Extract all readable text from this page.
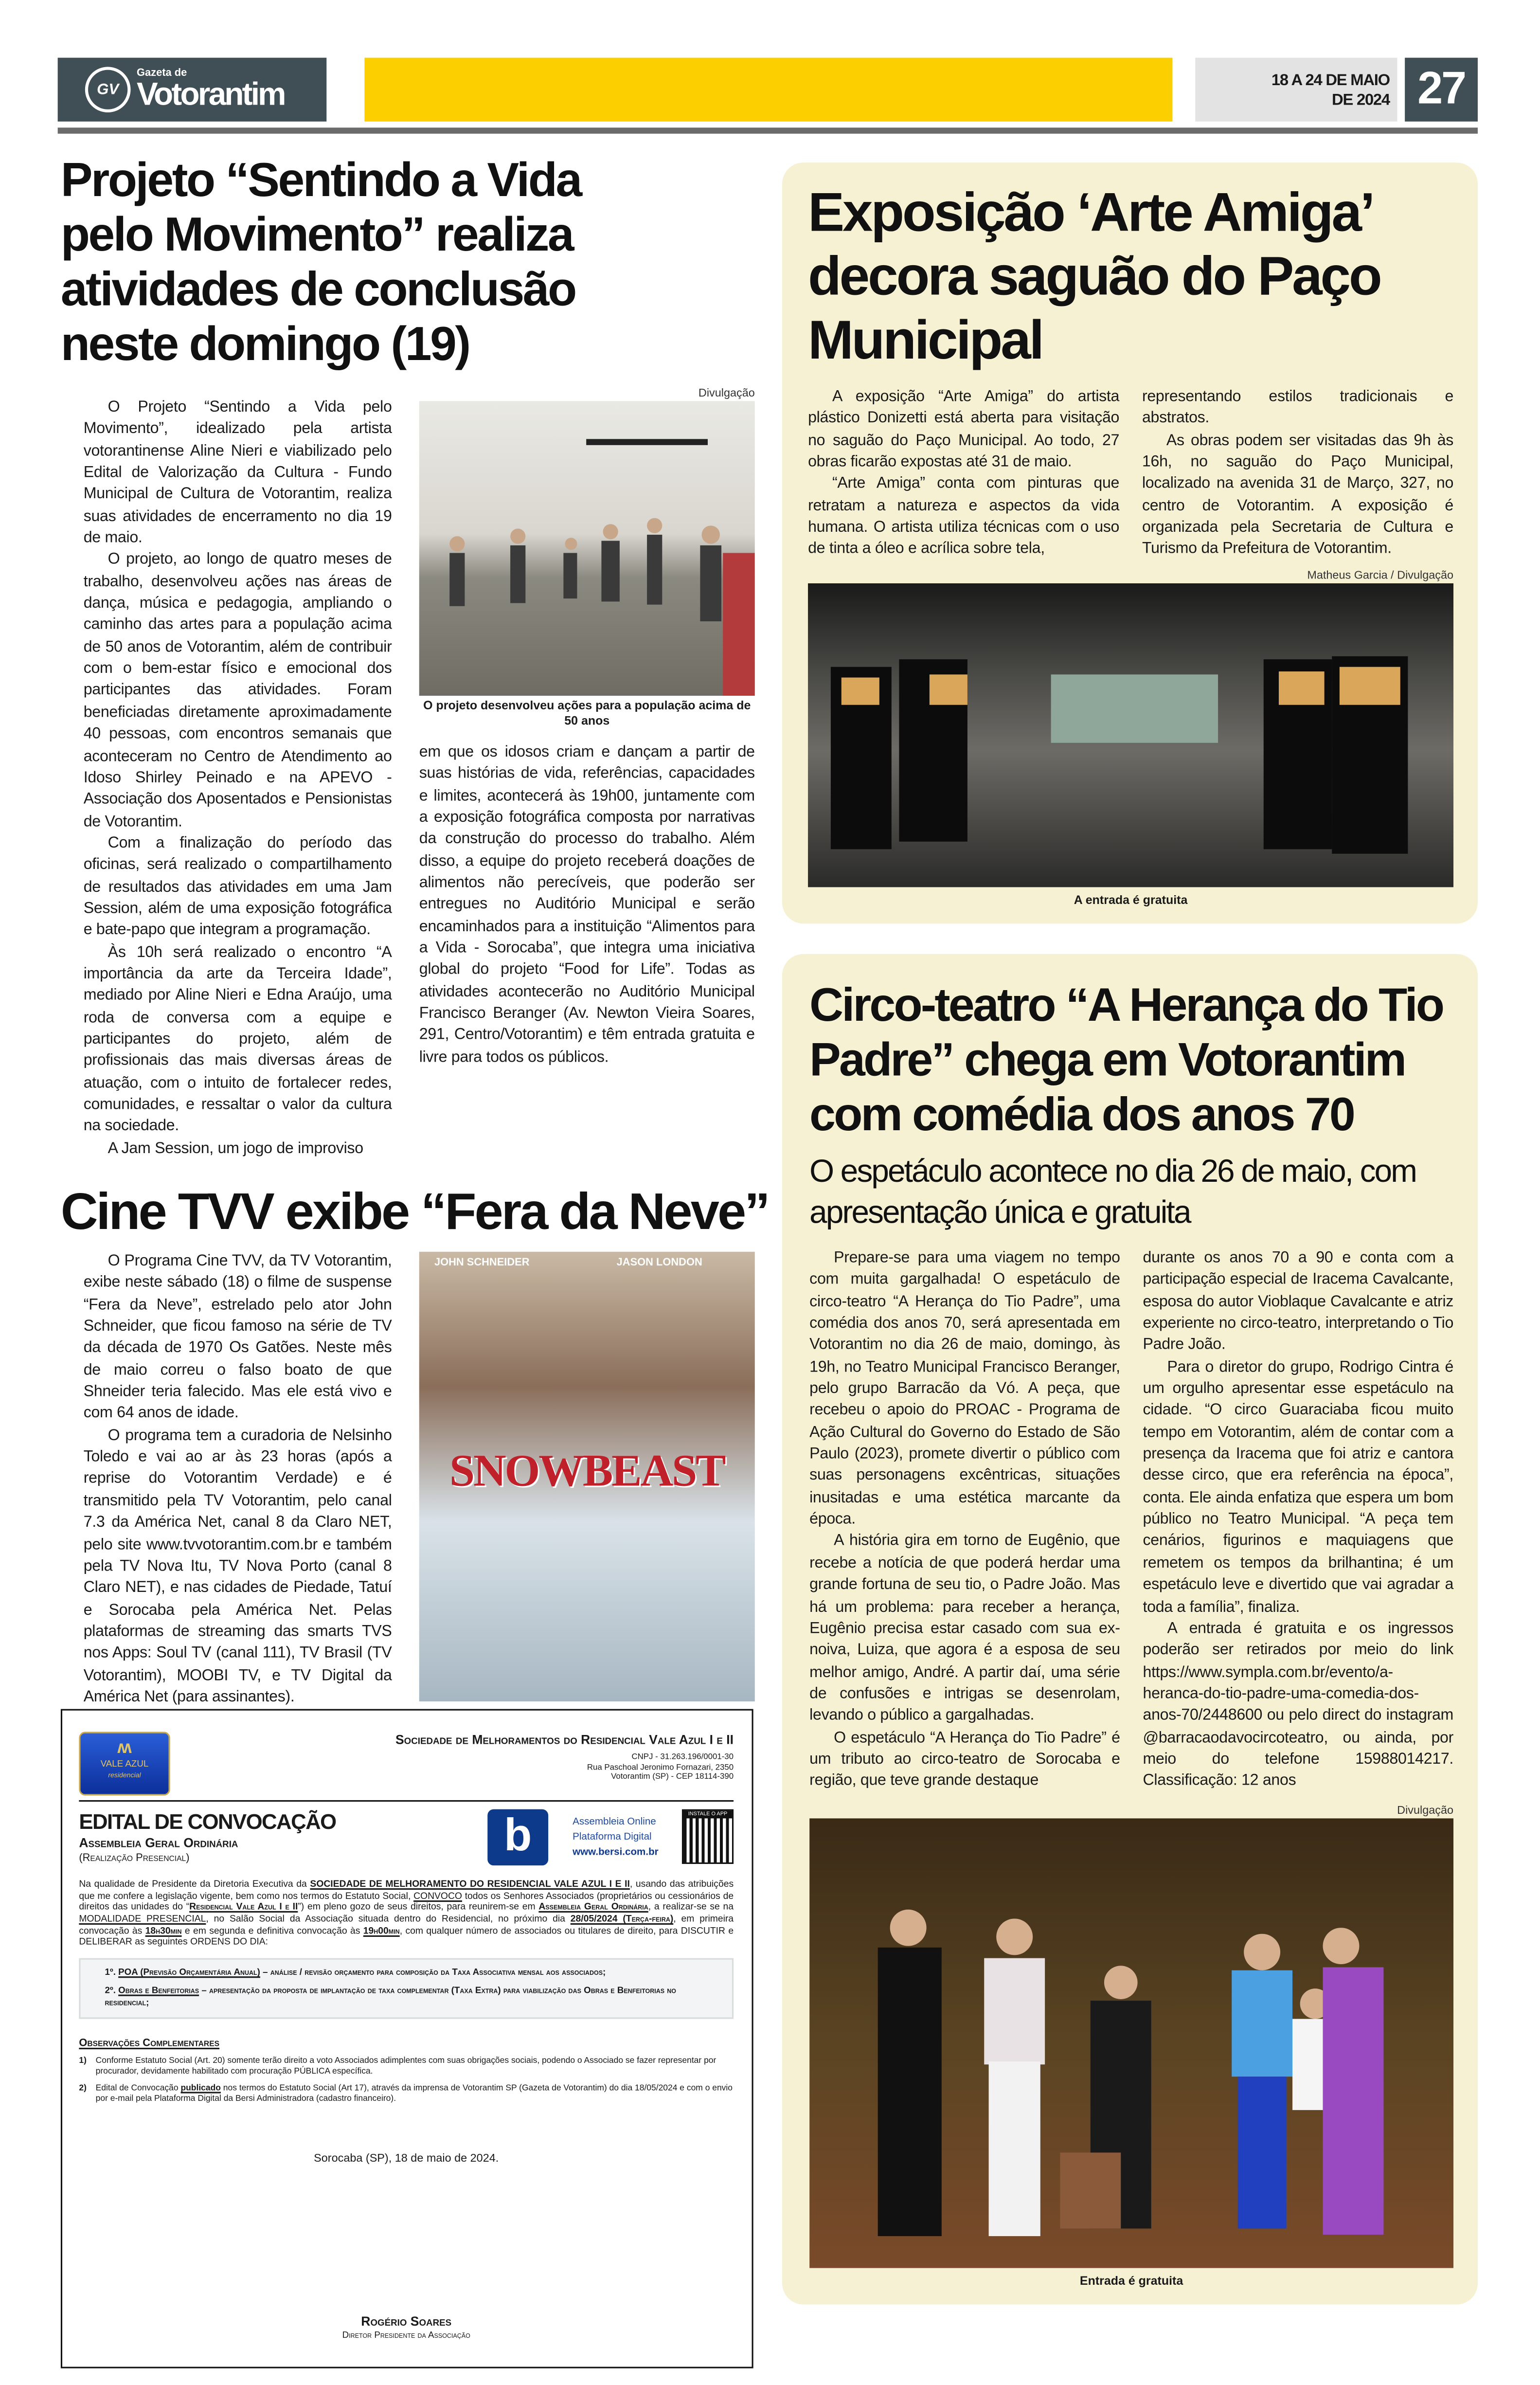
GV
Gazeta de
Votorantim	18 A 24 DE MAIO
DE 2024	27
Projeto “Sentindo a Vida pelo Movimento” realiza atividades de conclusão neste domingo (19)

O Projeto “Sentindo a Vida pelo Movimento”, idealizado pela artista votorantinense Aline Nieri e viabilizado pelo Edital de Valorização da Cultura - Fundo Municipal de Cultura de Votorantim, realiza suas atividades de encerramento no dia 19 de maio.

O projeto, ao longo de quatro meses de trabalho, desenvolveu ações nas áreas de dança, música e pedagogia, ampliando o caminho das artes para a população acima de 50 anos de Votorantim, além de contribuir com o bem-estar físico e emocional dos participantes das atividades. Foram beneficiadas diretamente aproximadamente 40 pessoas, com encontros semanais que aconteceram no Centro de Atendimento ao Idoso Shirley Peinado e na APEVO - Associação dos Aposentados e Pensionistas de Votorantim.

Com a finalização do período das oficinas, será realizado o compartilhamento de resultados das atividades em uma Jam Session, além de uma exposição fotográfica e bate-papo que integram a programação.

Às 10h será realizado o encontro “A importância da arte da Terceira Idade”, mediado por Aline Nieri e Edna Araújo, uma roda de conversa com a equipe e participantes do projeto, além de profissionais das mais diversas áreas de atuação, com o intuito de fortalecer redes, comunidades, e ressaltar o valor da cultura na sociedade.

A Jam Session, um jogo de improviso

Divulgação
O projeto desenvolveu ações para a população acima de 50 anos

em que os idosos criam e dançam a partir de suas histórias de vida, referências, capacidades e limites, acontecerá às 19h00, juntamente com a exposição fotográfica composta por narrativas da construção do processo do trabalho. Além disso, a equipe do projeto receberá doações de alimentos não perecíveis, que poderão ser entregues no Auditório Municipal e serão encaminhados para a instituição “Alimentos para a Vida - Sorocaba”, que integra uma iniciativa global do projeto “Food for Life”. Todas as atividades acontecerão no Auditório Municipal Francisco Beranger (Av. Newton Vieira Soares, 291, Centro/Votorantim) e têm entrada gratuita e livre para todos os públicos.

Cine TVV exibe “Fera da Neve”

O Programa Cine TVV, da TV Votorantim, exibe neste sábado (18) o filme de suspense “Fera da Neve”, estrelado pelo ator John Schneider, que ficou famoso na série de TV da década de 1970 Os Gatões. Neste mês de maio correu o falso boato de que Shneider teria falecido. Mas ele está vivo e com 64 anos de idade.

O programa tem a curadoria de Nelsinho Toledo e vai ao ar às 23 horas (após a reprise do Votorantim Verdade) e é transmitido pela TV Votorantim, pelo canal 7.3 da América Net, canal 8 da Claro NET, pelo site www.tvvotorantim.com.br e também pela TV Nova Itu, TV Nova Porto (canal 8 Claro NET), e nas cidades de Piedade, Tatuí e Sorocaba pela América Net. Pelas plataformas de streaming das smarts TVS nos Apps: Soul TV (canal 111), TV Brasil (TV Votorantim), MOOBI TV, e TV Digital da América Net (para assinantes).

JOHN SCHNEIDER	JASON LONDON
SNOWBEAST
ʍ
VALE AZUL
residencial
Sociedade de Melhoramentos do Residencial Vale Azul I e II
CNPJ - 31.263.196/0001-30
Rua Paschoal Jeronimo Fornazari, 2350
Votorantim (SP) - CEP 18114-390
EDITAL DE CONVOCAÇÃO
Assembleia Geral Ordinária
(Realização Presencial)	b	Assembleia Online
Plataforma Digital
www.bersi.com.br
INSTALE O APP
Na qualidade de Presidente da Diretoria Executiva da SOCIEDADE DE MELHORAMENTO DO RESIDENCIAL VALE AZUL I E II, usando das atribuições que me confere a legislação vigente, bem como nos termos do Estatuto Social, CONVOCO todos os Senhores Associados (proprietários ou cessionários de direitos das unidades do “Residencial Vale Azul I e II”) em pleno gozo de seus direitos, para reunirem-se em Assembleia Geral Ordinária, a realizar-se se na MODALIDADE PRESENCIAL, no Salão Social da Associação situada dentro do Residencial, no próximo dia 28/05/2024 (Terça-feira), em primeira convocação às 18h30min e em segunda e definitiva convocação às 19h00min, com qualquer número de associados ou titulares de direito, para DISCUTIR e DELIBERAR as seguintes ORDENS DO DIA:
1º. POA (Previsão Orçamentária Anual) – análise / revisão orçamento para composição da Taxa Associativa mensal aos associados;
2º. Obras e Benfeitorias – apresentação da proposta de implantação de taxa complementar (Taxa Extra) para viabilização das Obras e Benfeitorias no residencial;
Observações Complementares
1)	Conforme Estatuto Social (Art. 20) somente terão direito a voto Associados adimplentes com suas obrigações sociais, podendo o Associado se fazer representar por procurador, devidamente habilitado com procuração PÚBLICA específica.
2)	Edital de Convocação publicado nos termos do Estatuto Social (Art 17), através da imprensa de Votorantim SP (Gazeta de Votorantim) do dia 18/05/2024 e com o envio por e-mail pela Plataforma Digital da Bersi Administradora (cadastro financeiro).
Sorocaba (SP), 18 de maio de 2024.
Rogério Soares
Diretor Presidente da Associação
Exposição ‘Arte Amiga’ decora saguão do Paço Municipal

A exposição “Arte Amiga” do artista plástico Donizetti está aberta para visitação no saguão do Paço Municipal. Ao todo, 27 obras ficarão expostas até 31 de maio.

“Arte Amiga” conta com pinturas que retratam a natureza e aspectos da vida humana. O artista utiliza técnicas com o uso de tinta a óleo e acrílica sobre tela,

representando estilos tradicionais e abstratos.

As obras podem ser visitadas das 9h às 16h, no saguão do Paço Municipal, localizado na avenida 31 de Março, 327, no centro de Votorantim. A exposição é organizada pela Secretaria de Cultura e Turismo da Prefeitura de Votorantim.

Matheus Garcia / Divulgação
A entrada é gratuita
Circo-teatro “A Herança do Tio Padre” chega em Votorantim com comédia dos anos 70
O espetáculo acontece no dia 26 de maio, com apresentação única e gratuita

Prepare-se para uma viagem no tempo com muita gargalhada! O espetáculo de circo-teatro “A Herança do Tio Padre”, uma comédia dos anos 70, será apresentada em Votorantim no dia 26 de maio, domingo, às 19h, no Teatro Municipal Francisco Beranger, pelo grupo Barracão da Vó. A peça, que recebeu o apoio do PROAC - Programa de Ação Cultural do Governo do Estado de São Paulo (2023), promete divertir o público com suas personagens excêntricas, situações inusitadas e uma estética marcante da época.

A história gira em torno de Eugênio, que recebe a notícia de que poderá herdar uma grande fortuna de seu tio, o Padre João. Mas há um problema: para receber a herança, Eugênio precisa estar casado com sua ex-noiva, Luiza, que agora é a esposa de seu melhor amigo, André. A partir daí, uma série de confusões e intrigas se desenrolam, levando o público a gargalhadas.

O espetáculo “A Herança do Tio Padre” é um tributo ao circo-teatro de Sorocaba e região, que teve grande destaque

durante os anos 70 a 90 e conta com a participação especial de Iracema Cavalcante, esposa do autor Vioblaque Cavalcante e atriz experiente no circo-teatro, interpretando o Tio Padre João.

Para o diretor do grupo, Rodrigo Cintra é um orgulho apresentar esse espetáculo na cidade. “O circo Guaraciaba ficou muito tempo em Votorantim, além de contar com a presença da Iracema que foi atriz e cantora desse circo, que era referência na época”, conta. Ele ainda enfatiza que espera um bom público no Teatro Municipal. “A peça tem cenários, figurinos e maquiagens que remetem os tempos da brilhantina; é um espetáculo leve e divertido que vai agradar a toda a família”, finaliza.

A entrada é gratuita e os ingressos poderão ser retirados por meio do link https://www.sympla.com.br/evento/a-heranca-do-tio-padre-uma-comedia-dos-anos-70/2448600 ou pelo direct do instagram @barracaodavocircoteatro, ou ainda, por meio do telefone 15988014217. Classificação: 12 anos

Divulgação
Entrada é gratuita
